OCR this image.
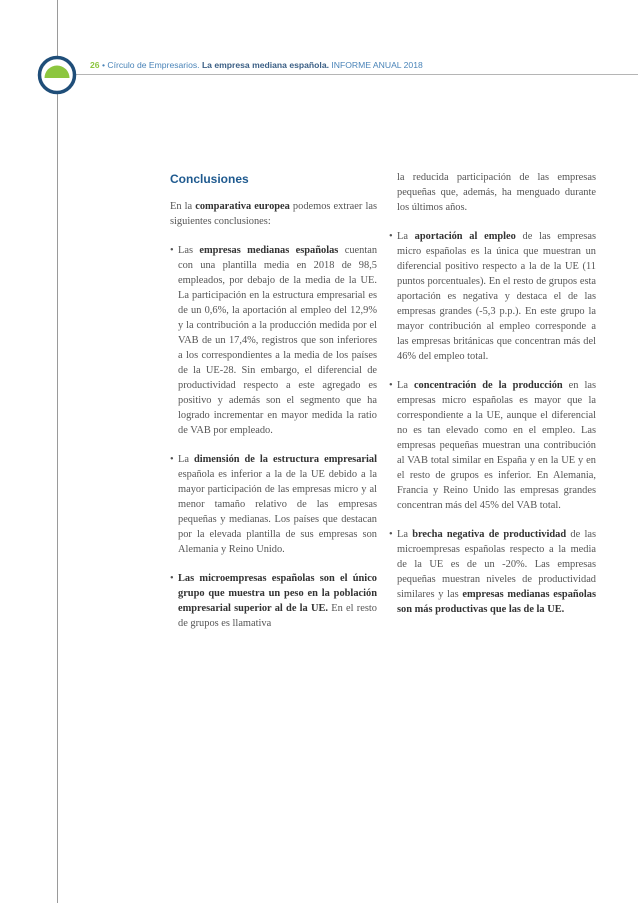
26 • Círculo de Empresarios. La empresa mediana española. INFORME ANUAL 2018
Conclusiones

En la comparativa europea podemos extraer las siguientes conclusiones:

• Las empresas medianas españolas cuentan con una plantilla media en 2018 de 98,5 empleados, por debajo de la media de la UE. La participación en la estructura empresarial es de un 0,6%, la aportación al empleo del 12,9% y la contribución a la producción medida por el VAB de un 17,4%, registros que son inferiores a los correspondientes a la media de los países de la UE-28. Sin embargo, el diferencial de productividad respecto a este agregado es positivo y además son el segmento que ha logrado incrementar en mayor medida la ratio de VAB por empleado.

• La dimensión de la estructura empresarial española es inferior a la de la UE debido a la mayor participación de las empresas micro y al menor tamaño relativo de las empresas pequeñas y medianas. Los países que destacan por la elevada plantilla de sus empresas son Alemania y Reino Unido.

• Las microempresas españolas son el único grupo que muestra un peso en la población empresarial superior al de la UE. En el resto de grupos es llamativa

la reducida participación de las empresas pequeñas que, además, ha menguado durante los últimos años.

• La aportación al empleo de las empresas micro españolas es la única que muestran un diferencial positivo respecto a la de la UE (11 puntos porcentuales). En el resto de grupos esta aportación es negativa y destaca el de las empresas grandes (-5,3 p.p.). En este grupo la mayor contribución al empleo corresponde a las empresas británicas que concentran más del 46% del empleo total.

• La concentración de la producción en las empresas micro españolas es mayor que la correspondiente a la UE, aunque el diferencial no es tan elevado como en el empleo. Las empresas pequeñas muestran una contribución al VAB total similar en España y en la UE y en el resto de grupos es inferior. En Alemania, Francia y Reino Unido las empresas grandes concentran más del 45% del VAB total.

• La brecha negativa de productividad de las microempresas españolas respecto a la media de la UE es de un -20%. Las empresas pequeñas muestran niveles de productividad similares y las empresas medianas españolas son más productivas que las de la UE.
